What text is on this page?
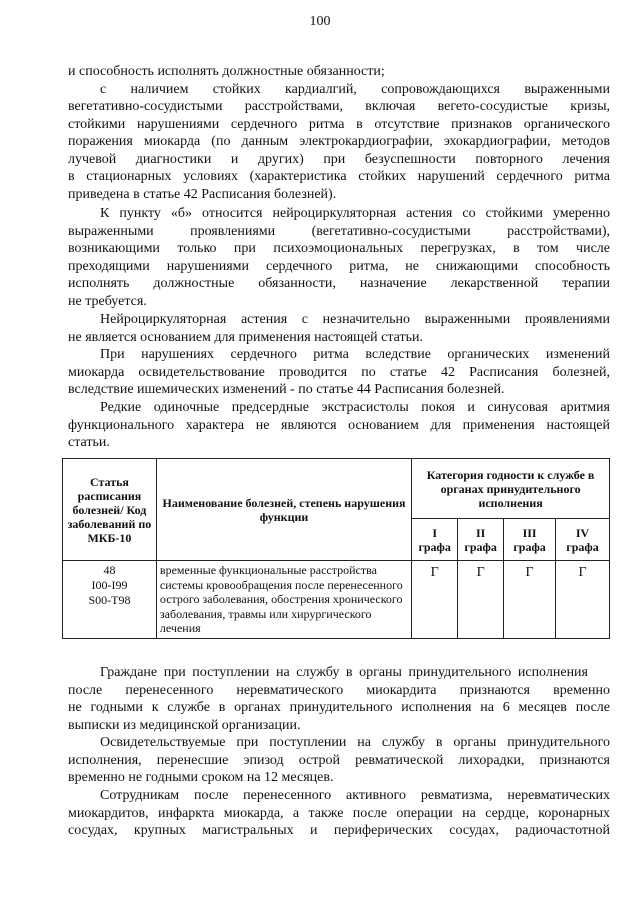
100
и способность исполнять должностные обязанности;
с наличием стойких кардиалгий, сопровождающихся выраженными
вегетативно-сосудистыми расстройствами, включая вегето-сосудистые кризы,
стойкими нарушениями сердечного ритма в отсутствие признаков органического
поражения миокарда (по данным электрокардиографии, эхокардиографии, методов
лучевой диагностики и других) при безуспешности повторного лечения
в стационарных условиях (характеристика стойких нарушений сердечного ритма
приведена в статье 42 Расписания болезней).
К пункту «б» относится нейроциркуляторная астения со стойкими умеренно
выраженными проявлениями (вегетативно-сосудистыми расстройствами),
возникающими только при психоэмоциональных перегрузках, в том числе
преходящими нарушениями сердечного ритма, не снижающими способность
исполнять должностные обязанности, назначение лекарственной терапии
не требуется.
Нейроциркуляторная астения с незначительно выраженными проявлениями
не является основанием для применения настоящей статьи.
При нарушениях сердечного ритма вследствие органических изменений
миокарда освидетельствование проводится по статье 42 Расписания болезней,
вследствие ишемических изменений - по статье 44 Расписания болезней.
Редкие одиночные предсердные экстрасистолы покоя и синусовая аритмия
функционального характера не являются основанием для применения настоящей
статьи.
Статья расписания болезней/ Код заболеваний по МКБ-10	Наименование болезней, степень нарушения функции	Категория годности к службе в органах принудительного исполнения			
		I графа	II графа	III графа	IV графа
48
I00-I99
S00-T98	временные функциональные расстройства системы кровообращения после перенесенного острого заболевания, обострения хронического заболевания, травмы или хирургического лечения	Г	Г	Г	Г
Граждане при поступлении на службу в органы принудительного исполнения
после перенесенного неревматического миокардита признаются временно
не годными к службе в органах принудительного исполнения на 6 месяцев после
выписки из медицинской организации.
Освидетельствуемые при поступлении на службу в органы принудительного
исполнения, перенесшие эпизод острой ревматической лихорадки, признаются
временно не годными сроком на 12 месяцев.
Сотрудникам после перенесенного активного ревматизма, неревматических
миокардитов, инфаркта миокарда, а также после операции на сердце, коронарных
сосудах, крупных магистральных и периферических сосудах, радиочастотной
